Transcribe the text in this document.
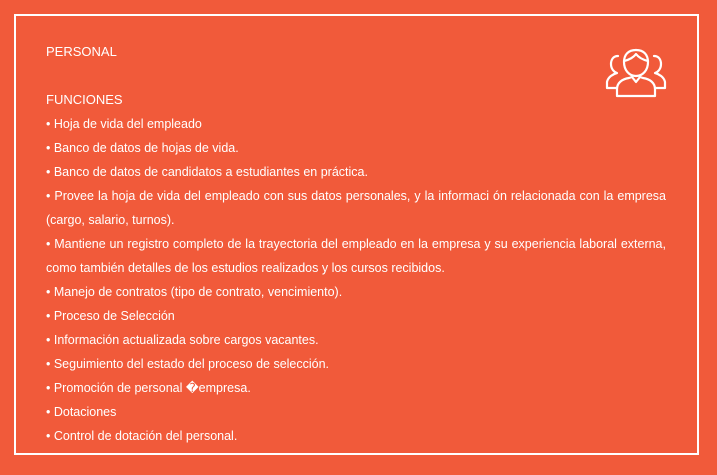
PERSONAL
FUNCIONES
• Hoja de vida del empleado
• Banco de datos de hojas de vida.
• Banco de datos de candidatos a estudiantes en práctica.
• Provee la hoja de vida del empleado con sus datos personales, y la informaci ón relacionada con la empresa (cargo, salario, turnos).
• Mantiene un registro completo de la trayectoria del empleado en la empresa y su experiencia laboral externa, como también detalles de los estudios realizados y los cursos recibidos.
• Manejo de contratos (tipo de contrato, vencimiento).
• Proceso de Selección
• Información actualizada sobre cargos vacantes.
• Seguimiento del estado del proceso de selección.
• Promoción de personal �empresa.
• Dotaciones
• Control de dotación del personal.
